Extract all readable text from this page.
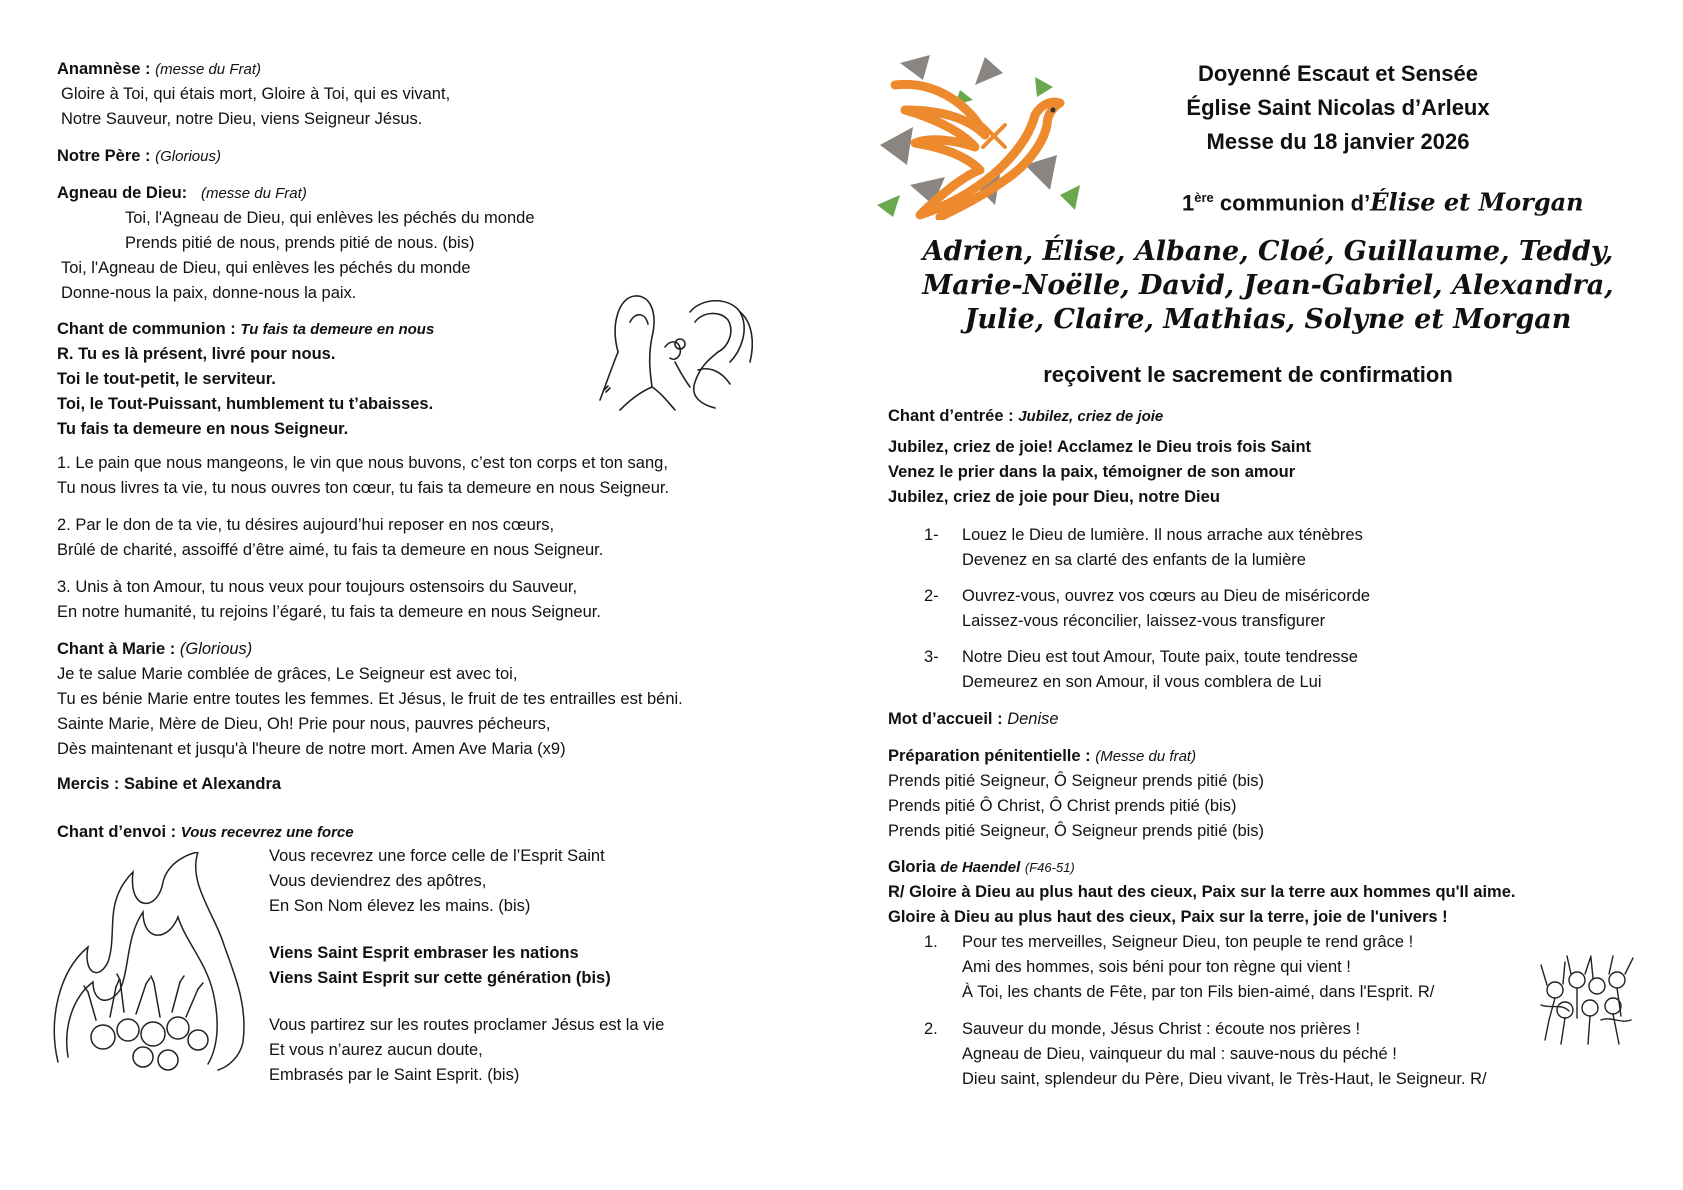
Anamnèse : (messe du Frat)

Gloire à Toi, qui étais mort, Gloire à Toi, qui es vivant,

Notre Sauveur, notre Dieu, viens Seigneur Jésus.

Notre Père : (Glorious)

Agneau de Dieu: (messe du Frat)

Toi, l'Agneau de Dieu, qui enlèves les péchés du monde

Prends pitié de nous, prends pitié de nous. (bis)

Toi, l'Agneau de Dieu, qui enlèves les péchés du monde

Donne-nous la paix, donne-nous la paix.

Chant de communion : Tu fais ta demeure en nous

R. Tu es là présent, livré pour nous.

Toi le tout-petit, le serviteur.

Toi, le Tout-Puissant, humblement tu t’abaisses.

Tu fais ta demeure en nous Seigneur.

1. Le pain que nous mangeons, le vin que nous buvons, c’est ton corps et ton sang,

Tu nous livres ta vie, tu nous ouvres ton cœur, tu fais ta demeure en nous Seigneur.

2. Par le don de ta vie, tu désires aujourd’hui reposer en nos cœurs,

Brûlé de charité, assoiffé d’être aimé, tu fais ta demeure en nous Seigneur.

3. Unis à ton Amour, tu nous veux pour toujours ostensoirs du Sauveur,

En notre humanité, tu rejoins l’égaré, tu fais ta demeure en nous Seigneur.

Chant à Marie : (Glorious)

Je te salue Marie comblée de grâces, Le Seigneur est avec toi,

Tu es bénie Marie entre toutes les femmes. Et Jésus, le fruit de tes entrailles est béni.

Sainte Marie, Mère de Dieu, Oh! Prie pour nous, pauvres pécheurs,

Dès maintenant et jusqu'à l'heure de notre mort. Amen Ave Maria (x9)

Mercis : Sabine et Alexandra

Chant d’envoi : Vous recevrez une force

Vous recevrez une force celle de l’Esprit Saint

Vous deviendrez des apôtres,

En Son Nom élevez les mains. (bis)

Viens Saint Esprit embraser les nations

Viens Saint Esprit sur cette génération (bis)

Vous partirez sur les routes proclamer Jésus est la vie

Et vous n’aurez aucun doute,

Embrasés par le Saint Esprit. (bis)

Doyenné Escaut et Sensée

Église Saint Nicolas d’Arleux

Messe du 18 janvier 2026

1ère communion d’Élise et Morgan

Adrien, Élise, Albane, Cloé, Guillaume, Teddy,

Marie-Noëlle, David, Jean-Gabriel, Alexandra,

Julie, Claire, Mathias, Solyne et Morgan

reçoivent le sacrement de confirmation

Chant d’entrée : Jubilez, criez de joie

Jubilez, criez de joie! Acclamez le Dieu trois fois Saint

Venez le prier dans la paix, témoigner de son amour

Jubilez, criez de joie pour Dieu, notre Dieu

1-	Louez le Dieu de lumière. Il nous arrache aux ténèbres

Devenez en sa clarté des enfants de la lumière

2-	Ouvrez-vous, ouvrez vos cœurs au Dieu de miséricorde

Laissez-vous réconcilier, laissez-vous transfigurer

3-	Notre Dieu est tout Amour, Toute paix, toute tendresse

Demeurez en son Amour, il vous comblera de Lui

Mot d’accueil : Denise

Préparation pénitentielle : (Messe du frat)

Prends pitié Seigneur, Ô Seigneur prends pitié (bis)

Prends pitié Ô Christ, Ô Christ prends pitié (bis)

Prends pitié Seigneur, Ô Seigneur prends pitié (bis)

Gloria de Haendel (F46-51)

R/ Gloire à Dieu au plus haut des cieux, Paix sur la terre aux hommes qu'Il aime.

Gloire à Dieu au plus haut des cieux, Paix sur la terre, joie de l'univers !

1.	Pour tes merveilles, Seigneur Dieu, ton peuple te rend grâce !

Ami des hommes, sois béni pour ton règne qui vient !

À Toi, les chants de Fête, par ton Fils bien-aimé, dans l'Esprit. R/

2.	Sauveur du monde, Jésus Christ : écoute nos prières !

Agneau de Dieu, vainqueur du mal : sauve-nous du péché !

Dieu saint, splendeur du Père, Dieu vivant, le Très-Haut, le Seigneur. R/
